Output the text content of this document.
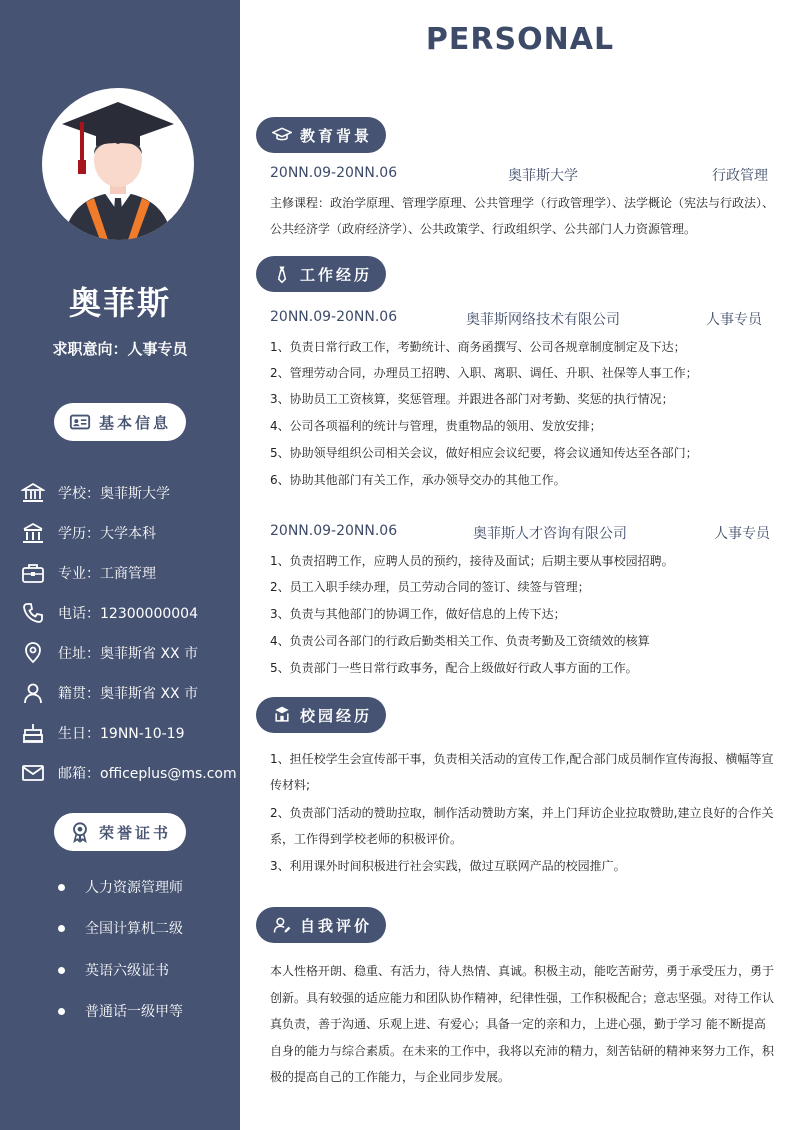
奥菲斯
求职意向：人事专员
基本信息
学校：奥菲斯大学
学历：大学本科
专业：工商管理
电话：12300000004
住址：奥菲斯省 XX 市
籍贯：奥菲斯省 XX 市
生日：19NN-10-19
邮箱：officeplus@ms.com
荣誉证书
人力资源管理师
全国计算机二级
英语六级证书
普通话一级甲等
PERSONAL
教育背景
20NN.09-20NN.06	奥菲斯大学	行政管理
主修课程：政治学原理、管理学原理、公共管理学（行政管理学）、法学概论（宪法与行政法）、
公共经济学（政府经济学）、公共政策学、行政组织学、公共部门人力资源管理。
工作经历
20NN.09-20NN.06	奥菲斯网络技术有限公司	人事专员
1、负责日常行政工作，考勤统计、商务函撰写、公司各规章制度制定及下达；
2、管理劳动合同，办理员工招聘、入职、离职、调任、升职、社保等人事工作；
3、协助员工工资核算，奖惩管理。并跟进各部门对考勤、奖惩的执行情况；
4、公司各项福利的统计与管理，贵重物品的领用、发放安排；
5、协助领导组织公司相关会议，做好相应会议纪要，将会议通知传达至各部门；
6、协助其他部门有关工作，承办领导交办的其他工作。
20NN.09-20NN.06	奥菲斯人才咨询有限公司	人事专员
1、负责招聘工作，应聘人员的预约，接待及面试；后期主要从事校园招聘。
2、员工入职手续办理，员工劳动合同的签订、续签与管理；
3、负责与其他部门的协调工作，做好信息的上传下达；
4、负责公司各部门的行政后勤类相关工作、负责考勤及工资绩效的核算
5、负责部门一些日常行政事务，配合上级做好行政人事方面的工作。
校园经历
1、担任校学生会宣传部干事，负责相关活动的宣传工作,配合部门成员制作宣传海报、横幅等宣传材料;
2、负责部门活动的赞助拉取，制作活动赞助方案，并上门拜访企业拉取赞助,建立良好的合作关系，工作得到学校老师的积极评价。
3、利用课外时间积极进行社会实践，做过互联网产品的校园推广。
自我评价
本人性格开朗、稳重、有活力，待人热情、真诚。积极主动，能吃苦耐劳，勇于承受压力，勇于创新。具有较强的适应能力和团队协作精神，纪律性强，工作积极配合；意志坚强。对待工作认真负责，善于沟通、乐观上进、有爱心；具备一定的亲和力，上进心强，勤于学习 能不断提高自身的能力与综合素质。在未来的工作中，我将以充沛的精力，刻苦钻研的精神来努力工作，积极的提高自己的工作能力，与企业同步发展。
